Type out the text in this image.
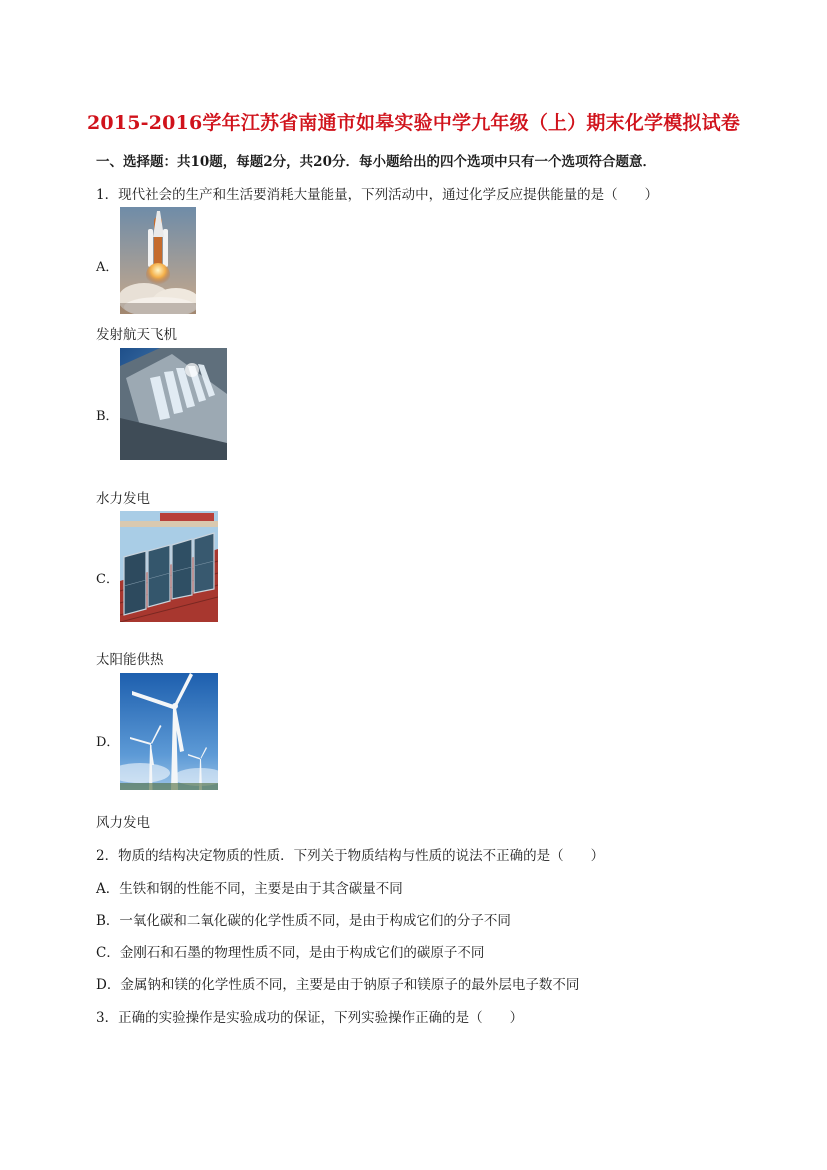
2015-2016学年江苏省南通市如皋实验中学九年级（上）期末化学模拟试卷
一、选择题：共10题，每题2分，共20分．每小题给出的四个选项中只有一个选项符合题意．
1．现代社会的生产和生活要消耗大量能量，下列活动中，通过化学反应提供能量的是（　　）
A．
发射航天飞机
B．
水力发电
C．
太阳能供热
D．
风力发电
2．物质的结构决定物质的性质．下列关于物质结构与性质的说法不正确的是（　　）
A．生铁和钢的性能不同，主要是由于其含碳量不同
B．一氧化碳和二氧化碳的化学性质不同，是由于构成它们的分子不同
C．金刚石和石墨的物理性质不同，是由于构成它们的碳原子不同
D．金属钠和镁的化学性质不同，主要是由于钠原子和镁原子的最外层电子数不同
3．正确的实验操作是实验成功的保证，下列实验操作正确的是（　　）
